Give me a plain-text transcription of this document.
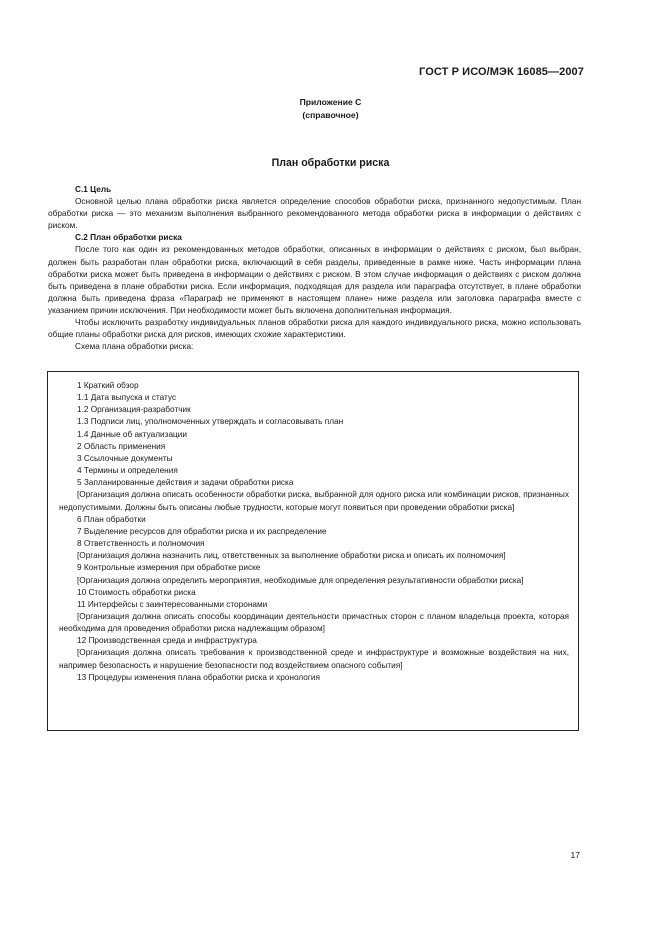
ГОСТ Р ИСО/МЭК 16085—2007
Приложение С
(справочное)
План обработки риска

С.1 Цель

Основной целью плана обработки риска является определение способов обработки риска, признанного недопустимым. План обработки риска — это механизм выполнения выбранного рекомендованного метода обработки риска в информации о действиях с риском.

С.2 План обработки риска

После того как один из рекомендованных методов обработки, описанных в информации о действиях с риском, был выбран, должен быть разработан план обработки риска, включающий в себя разделы, приведенные в рамке ниже. Часть информации плана обработки риска может быть приведена в информации о действиях с риском. В этом случае информация о действиях с риском должна быть приведена в плане обработки риска. Если информация, подходящая для раздела или параграфа отсутствует, в плане обработки должна быть приведена фраза «Параграф не применяют в настоящем плане» ниже раздела или заголовка параграфа вместе с указанием причин исключения. При необходимости может быть включена дополнительная информация.

Чтобы исключить разработку индивидуальных планов обработки риска для каждого индивидуального риска, можно использовать общие планы обработки риска для рисков, имеющих схожие характеристики.

Схема плана обработки риска:

1 Краткий обзор

1.1 Дата выпуска и статус

1.2 Организация-разработчик

1.3 Подписи лиц, уполномоченных утверждать и согласовывать план

1.4 Данные об актуализации

2 Область применения

3 Ссылочные документы

4 Термины и определения

5 Запланированные действия и задачи обработки риска

[Организация должна описать особенности обработки риска, выбранной для одного риска или комбинации рисков, признанных недопустимыми. Должны быть описаны любые трудности, которые могут появиться при проведении обработки риска]

6 План обработки

7 Выделение ресурсов для обработки риска и их распределение

8 Ответственность и полномочия

[Организация должна назначить лиц, ответственных за выполнение обработки риска и описать их полномочия]

9 Контрольные измерения при обработке риске

[Организация должна определить мероприятия, необходимые для определения результативности обработки риска]

10 Стоимость обработки риска

11 Интерфейсы с заинтересованными сторонами

[Организация должна описать способы координации деятельности причастных сторон с планом владельца проекта, которая необходима для проведения обработки риска надлежащим образом]

12 Производственная среда и инфраструктура

[Организация должна описать требования к производственной среде и инфраструктуре и возможные воздействия на них, например безопасность и нарушение безопасности под воздействием опасного события]

13 Процедуры изменения плана обработки риска и хронология

17
